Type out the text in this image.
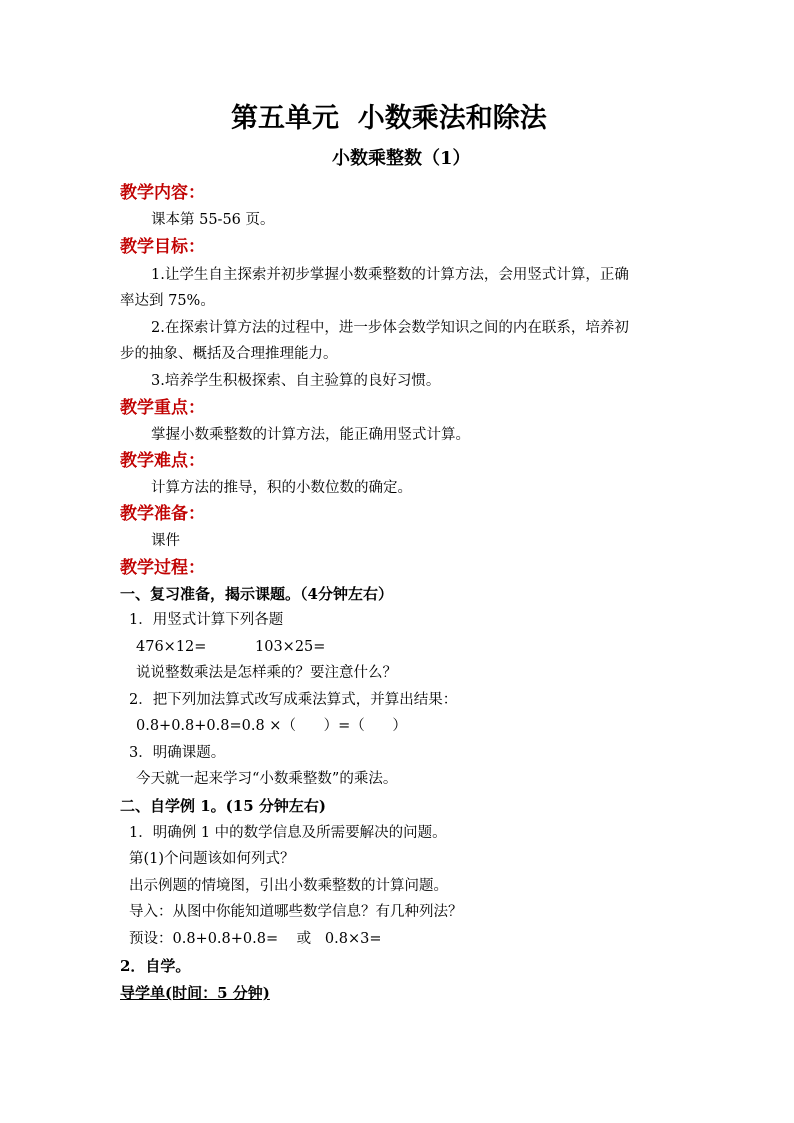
第五单元  小数乘法和除法
小数乘整数（1）
教学内容：
课本第 55-56 页。
教学目标：
1.让学生自主探索并初步掌握小数乘整数的计算方法，会用竖式计算，正确
率达到 75%。
2.在探索计算方法的过程中，进一步体会数学知识之间的内在联系，培养初
步的抽象、概括及合理推理能力。
3.培养学生积极探索、自主验算的良好习惯。
教学重点：
掌握小数乘整数的计算方法，能正确用竖式计算。
教学难点：
计算方法的推导，积的小数位数的确定。
教学准备：
课件
教学过程：
一、复习准备，揭示课题。（4分钟左右）
1．用竖式计算下列各题
476×12=	103×25=
说说整数乘法是怎样乘的？要注意什么？
2．把下列加法算式改写成乘法算式，并算出结果：
0.8+0.8+0.8=0.8 ×（      ）=（      ）
3．明确课题。
今天就一起来学习“小数乘整数”的乘法。
二、自学例 1。(15 分钟左右)
1．明确例 1 中的数学信息及所需要解决的问题。
第(1)个问题该如何列式？
出示例题的情境图，引出小数乘整数的计算问题。
导入：从图中你能知道哪些数学信息？有几种列法？
预设：0.8+0.8+0.8=    或   0.8×3=
2．自学。
导学单(时间：5 分钟)
